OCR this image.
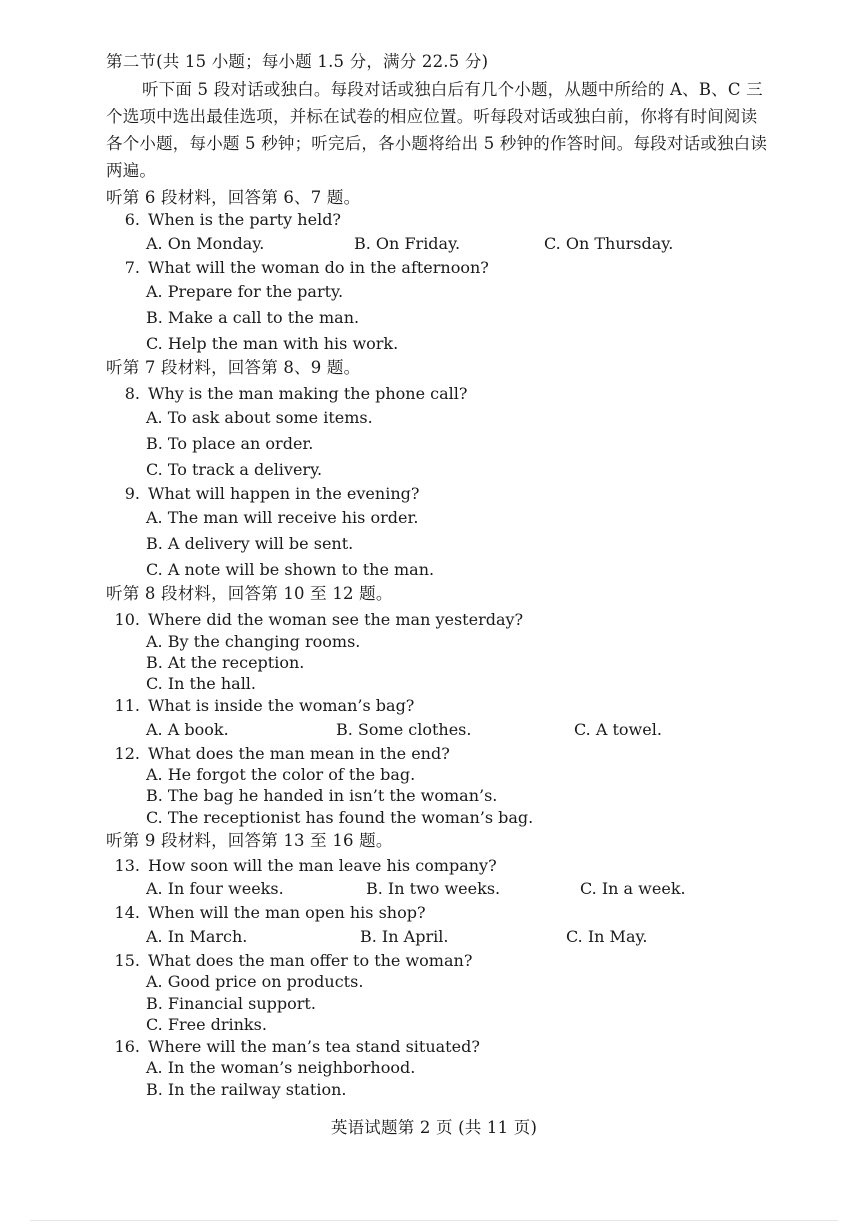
第二节(共 15 小题；每小题 1.5 分，满分 22.5 分)
听下面 5 段对话或独白。每段对话或独白后有几个小题，从题中所给的 A、B、C 三
个选项中选出最佳选项，并标在试卷的相应位置。听每段对话或独白前，你将有时间阅读
各个小题，每小题 5 秒钟；听完后，各小题将给出 5 秒钟的作答时间。每段对话或独白读
两遍。
听第 6 段材料，回答第 6、7 题。
6. When is the party held?
A. On Monday.	B. On Friday.	C. On Thursday.
7. What will the woman do in the afternoon?
A. Prepare for the party.
B. Make a call to the man.
C. Help the man with his work.
听第 7 段材料，回答第 8、9 题。
8. Why is the man making the phone call?
A. To ask about some items.
B. To place an order.
C. To track a delivery.
9. What will happen in the evening?
A. The man will receive his order.
B. A delivery will be sent.
C. A note will be shown to the man.
听第 8 段材料，回答第 10 至 12 题。
10. Where did the woman see the man yesterday?
A. By the changing rooms.
B. At the reception.
C. In the hall.
11. What is inside the woman’s bag?
A. A book.	B. Some clothes.	C. A towel.
12. What does the man mean in the end?
A. He forgot the color of the bag.
B. The bag he handed in isn’t the woman’s.
C. The receptionist has found the woman’s bag.
听第 9 段材料，回答第 13 至 16 题。
13. How soon will the man leave his company?
A. In four weeks.	B. In two weeks.	C. In a week.
14. When will the man open his shop?
A. In March.	B. In April.	C. In May.
15. What does the man offer to the woman?
A. Good price on products.
B. Financial support.
C. Free drinks.
16. Where will the man’s tea stand situated?
A. In the woman’s neighborhood.
B. In the railway station.
英语试题第 2 页 (共 11 页)
